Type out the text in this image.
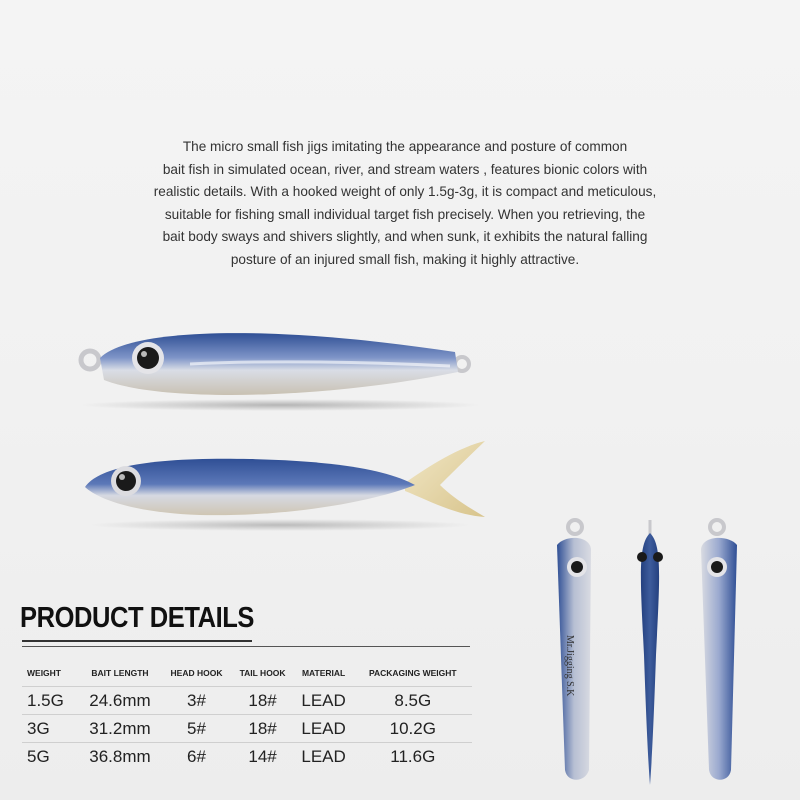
The micro small fish jigs imitating the appearance and posture of common
bait fish in simulated ocean, river, and stream waters , features bionic colors with
realistic details. With a hooked weight of only 1.5g-3g, it is compact and meticulous,
suitable for fishing small individual target fish precisely. When you retrieving, the
bait body sways and shivers slightly, and when sunk, it exhibits the natural falling
posture of an injured small fish, making it highly attractive.

Mr.Jigging S.K
PRODUCT DETAILS
WEIGHT	BAIT LENGTH	HEAD HOOK	TAIL HOOK	MATERIAL	PACKAGING WEIGHT
1.5G	24.6mm	3#	18#	LEAD	8.5G
3G	31.2mm	5#	18#	LEAD	10.2G
5G	36.8mm	6#	14#	LEAD	11.6G
